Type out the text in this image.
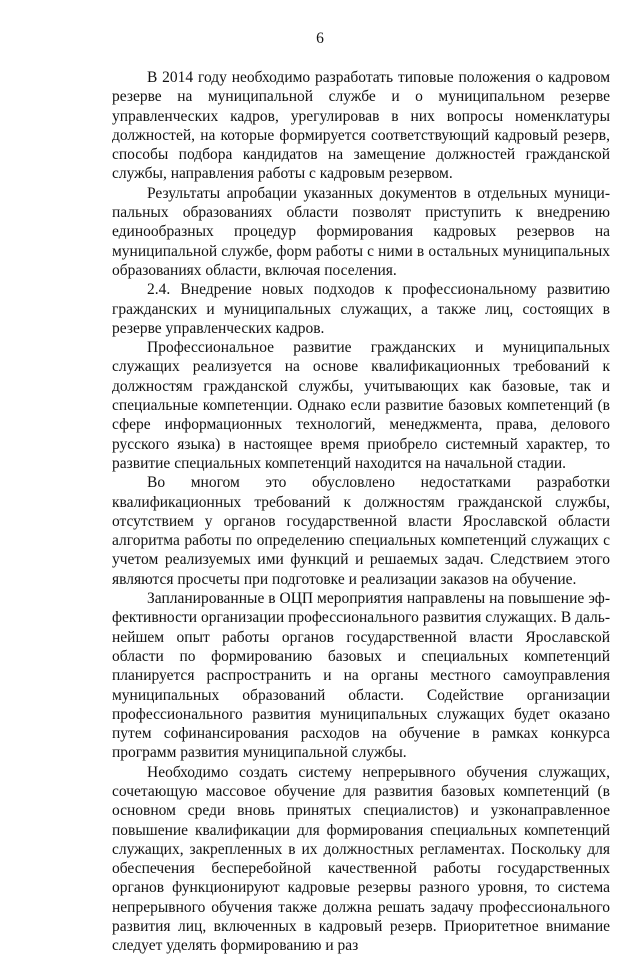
6

В 2014 году необходимо разработать типовые положения о кадровом резерве на муниципальной службе и о муниципальном резерве управленческих кадров, урегулировав в них вопросы номенклатуры должностей, на которые формируется соответствующий кадровый резерв, способы подбора кандидатов на замещение должностей гражданской службы, направления работы с кадровым резервом.

Результаты апробации указанных документов в отдельных муниципальных образованиях области позволят приступить к внедрению единообразных процедур формирования кадровых резервов на муниципальной службе, форм работы с ними в остальных муниципальных образованиях области, включая поселения.

2.4. Внедрение новых подходов к профессиональному развитию гражданских и муниципальных служащих, а также лиц, состоящих в резерве управленческих кадров.

Профессиональное развитие гражданских и муниципальных служащих реализуется на основе квалификационных требований к должностям гражданской службы, учитывающих как базовые, так и специальные компетенции. Однако если развитие базовых компетенций (в сфере информационных технологий, менеджмента, права, делового русского языка) в настоящее время приобрело системный характер, то развитие специальных компетенций находится на начальной стадии.

Во многом это обусловлено недостатками разработки квалификационных требований к должностям гражданской службы, отсутствием у органов государственной власти Ярославской области алгоритма работы по определению специальных компетенций служащих с учетом реализуемых ими функций и решаемых задач. Следствием этого являются просчеты при подготовке и реализации заказов на обучение.

Запланированные в ОЦП мероприятия направлены на повышение эффективности организации профессионального развития служащих. В дальнейшем опыт работы органов государственной власти Ярославской области по формированию базовых и специальных компетенций планируется распространить и на органы местного самоуправления муниципальных образований области. Содействие организации профессионального развития муниципальных служащих будет оказано путем софинансирования расходов на обучение в рамках конкурса программ развития муниципальной службы.

Необходимо создать систему непрерывного обучения служащих, сочетающую массовое обучение для развития базовых компетенций (в основном среди вновь принятых специалистов) и узконаправленное повышение квалификации для формирования специальных компетенций служащих, закрепленных в их должностных регламентах. Поскольку для обеспечения бесперебойной качественной работы государственных органов функционируют кадровые резервы разного уровня, то система непрерывного обучения также должна решать задачу профессионального развития лиц, включенных в кадровый резерв. Приоритетное внимание следует уделять формированию и раз
